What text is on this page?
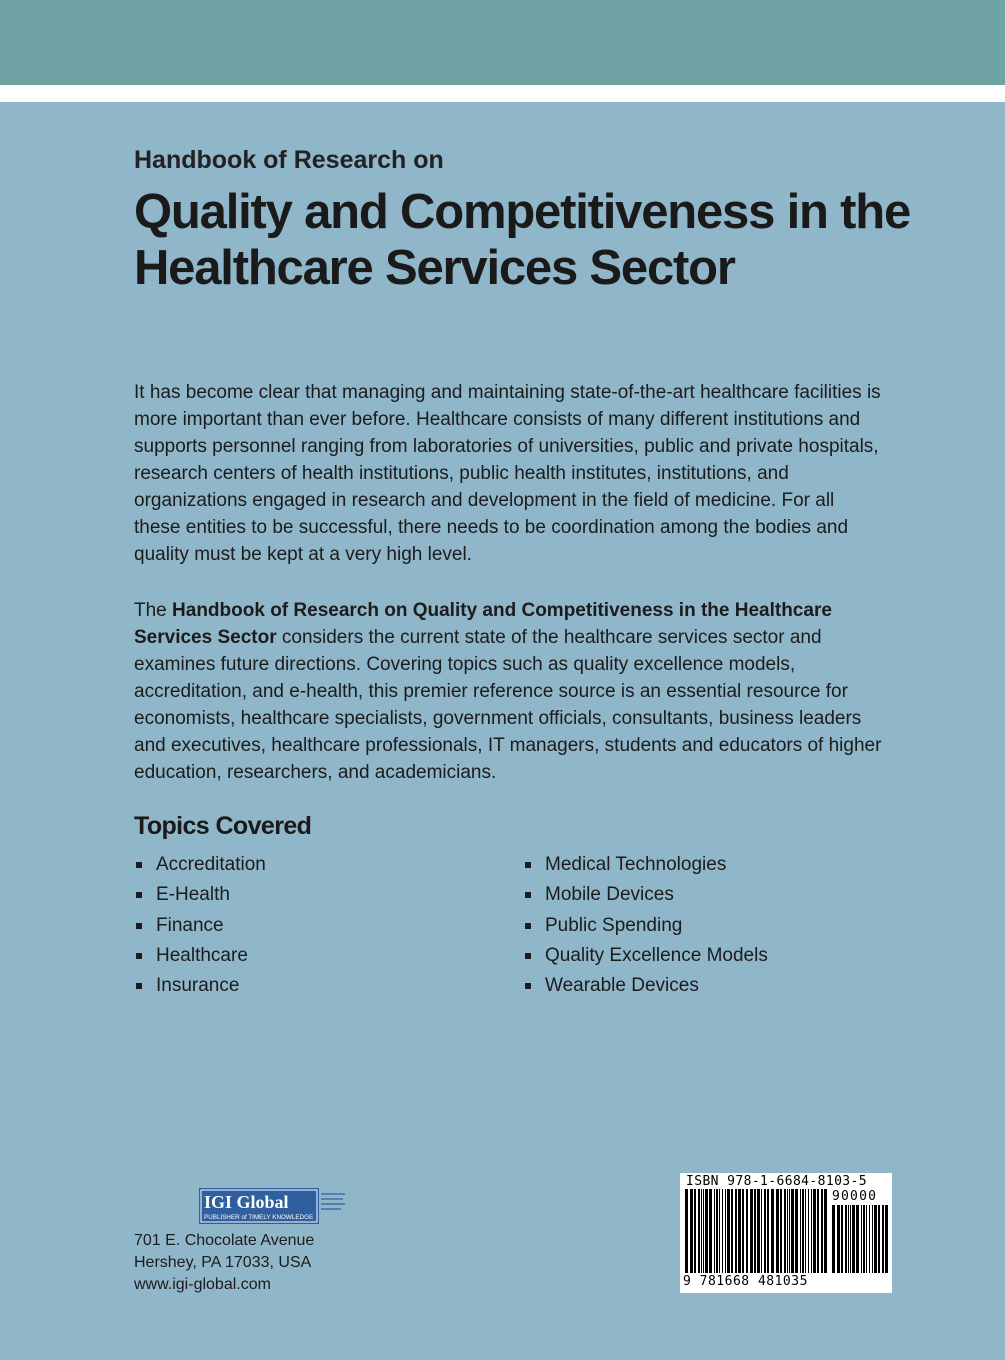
Handbook of Research on
Quality and Competitiveness in the
Healthcare Services Sector
It has become clear that managing and maintaining state-of-the-art healthcare facilities is more important than ever before. Healthcare consists of many different institutions and supports personnel ranging from laboratories of universities, public and private hospitals, research centers of health institutions, public health institutes, institutions, and organizations engaged in research and development in the field of medicine. For all these entities to be successful, there needs to be coordination among the bodies and quality must be kept at a very high level.
The Handbook of Research on Quality and Competitiveness in the Healthcare Services Sector considers the current state of the healthcare services sector and examines future directions. Covering topics such as quality excellence models, accreditation, and e-health, this premier reference source is an essential resource for economists, healthcare specialists, government officials, consultants, business leaders and executives, healthcare professionals, IT managers, students and educators of higher education, researchers, and academicians.
Topics Covered
Accreditation
E-Health
Finance
Healthcare
Insurance
Medical Technologies
Mobile Devices
Public Spending
Quality Excellence Models
Wearable Devices
IGI Global
PUBLISHER of TIMELY KNOWLEDGE
701 E. Chocolate Avenue
Hershey, PA 17033, USA
www.igi-global.com
ISBN 978-1-6684-8103-5
90000
9 781668 481035
